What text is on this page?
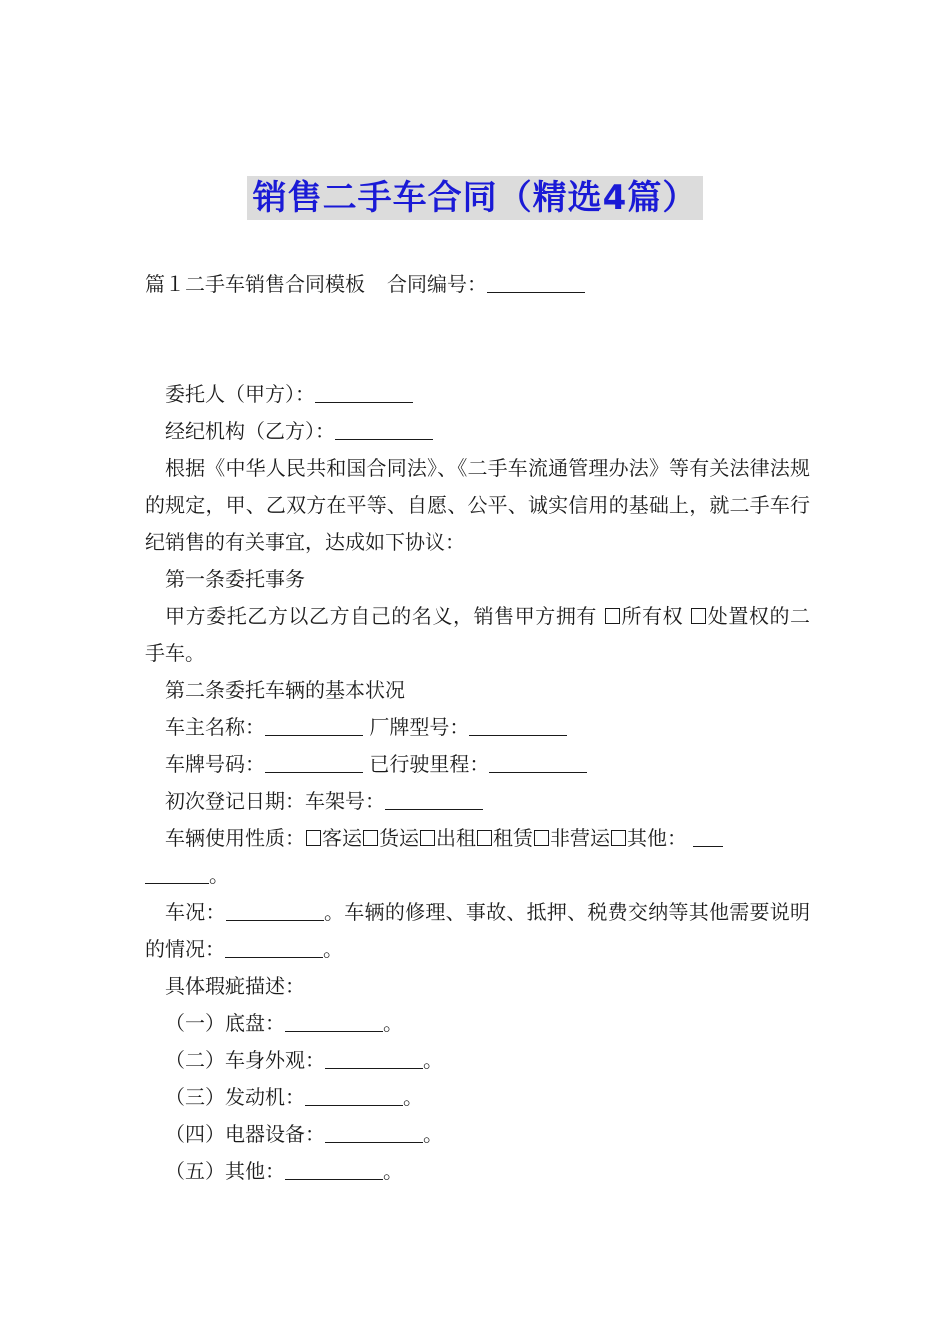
销售二手车合同（精选4篇）
篇１二手车销售合同模板 合同编号：

委托人（甲方）：

经纪机构（乙方）：

根据《中华人民共和国合同法》、《二手车流通管理办法》等有关法律法规的规定，甲、乙双方在平等、自愿、公平、诚实信用的基础上，就二手车行纪销售的有关事宜，达成如下协议：

第一条委托事务

甲方委托乙方以乙方自己的名义，销售甲方拥有 所有权 处置权的二手车。

第二条委托车辆的基本状况

车主名称：	厂牌型号：

车牌号码：	已行驶里程：

初次登记日期：车架号：

车辆使用性质： 客运 货运 出租 租赁 非营运 其他：
。

车况：	。车辆的修理、事故、抵押、税费交纳等其他需要说明的情况：	。

具体瑕疵描述：

（一）底盘：	。

（二）车身外观：	。

（三）发动机：	。

（四）电器设备：	。

（五）其他：	。
